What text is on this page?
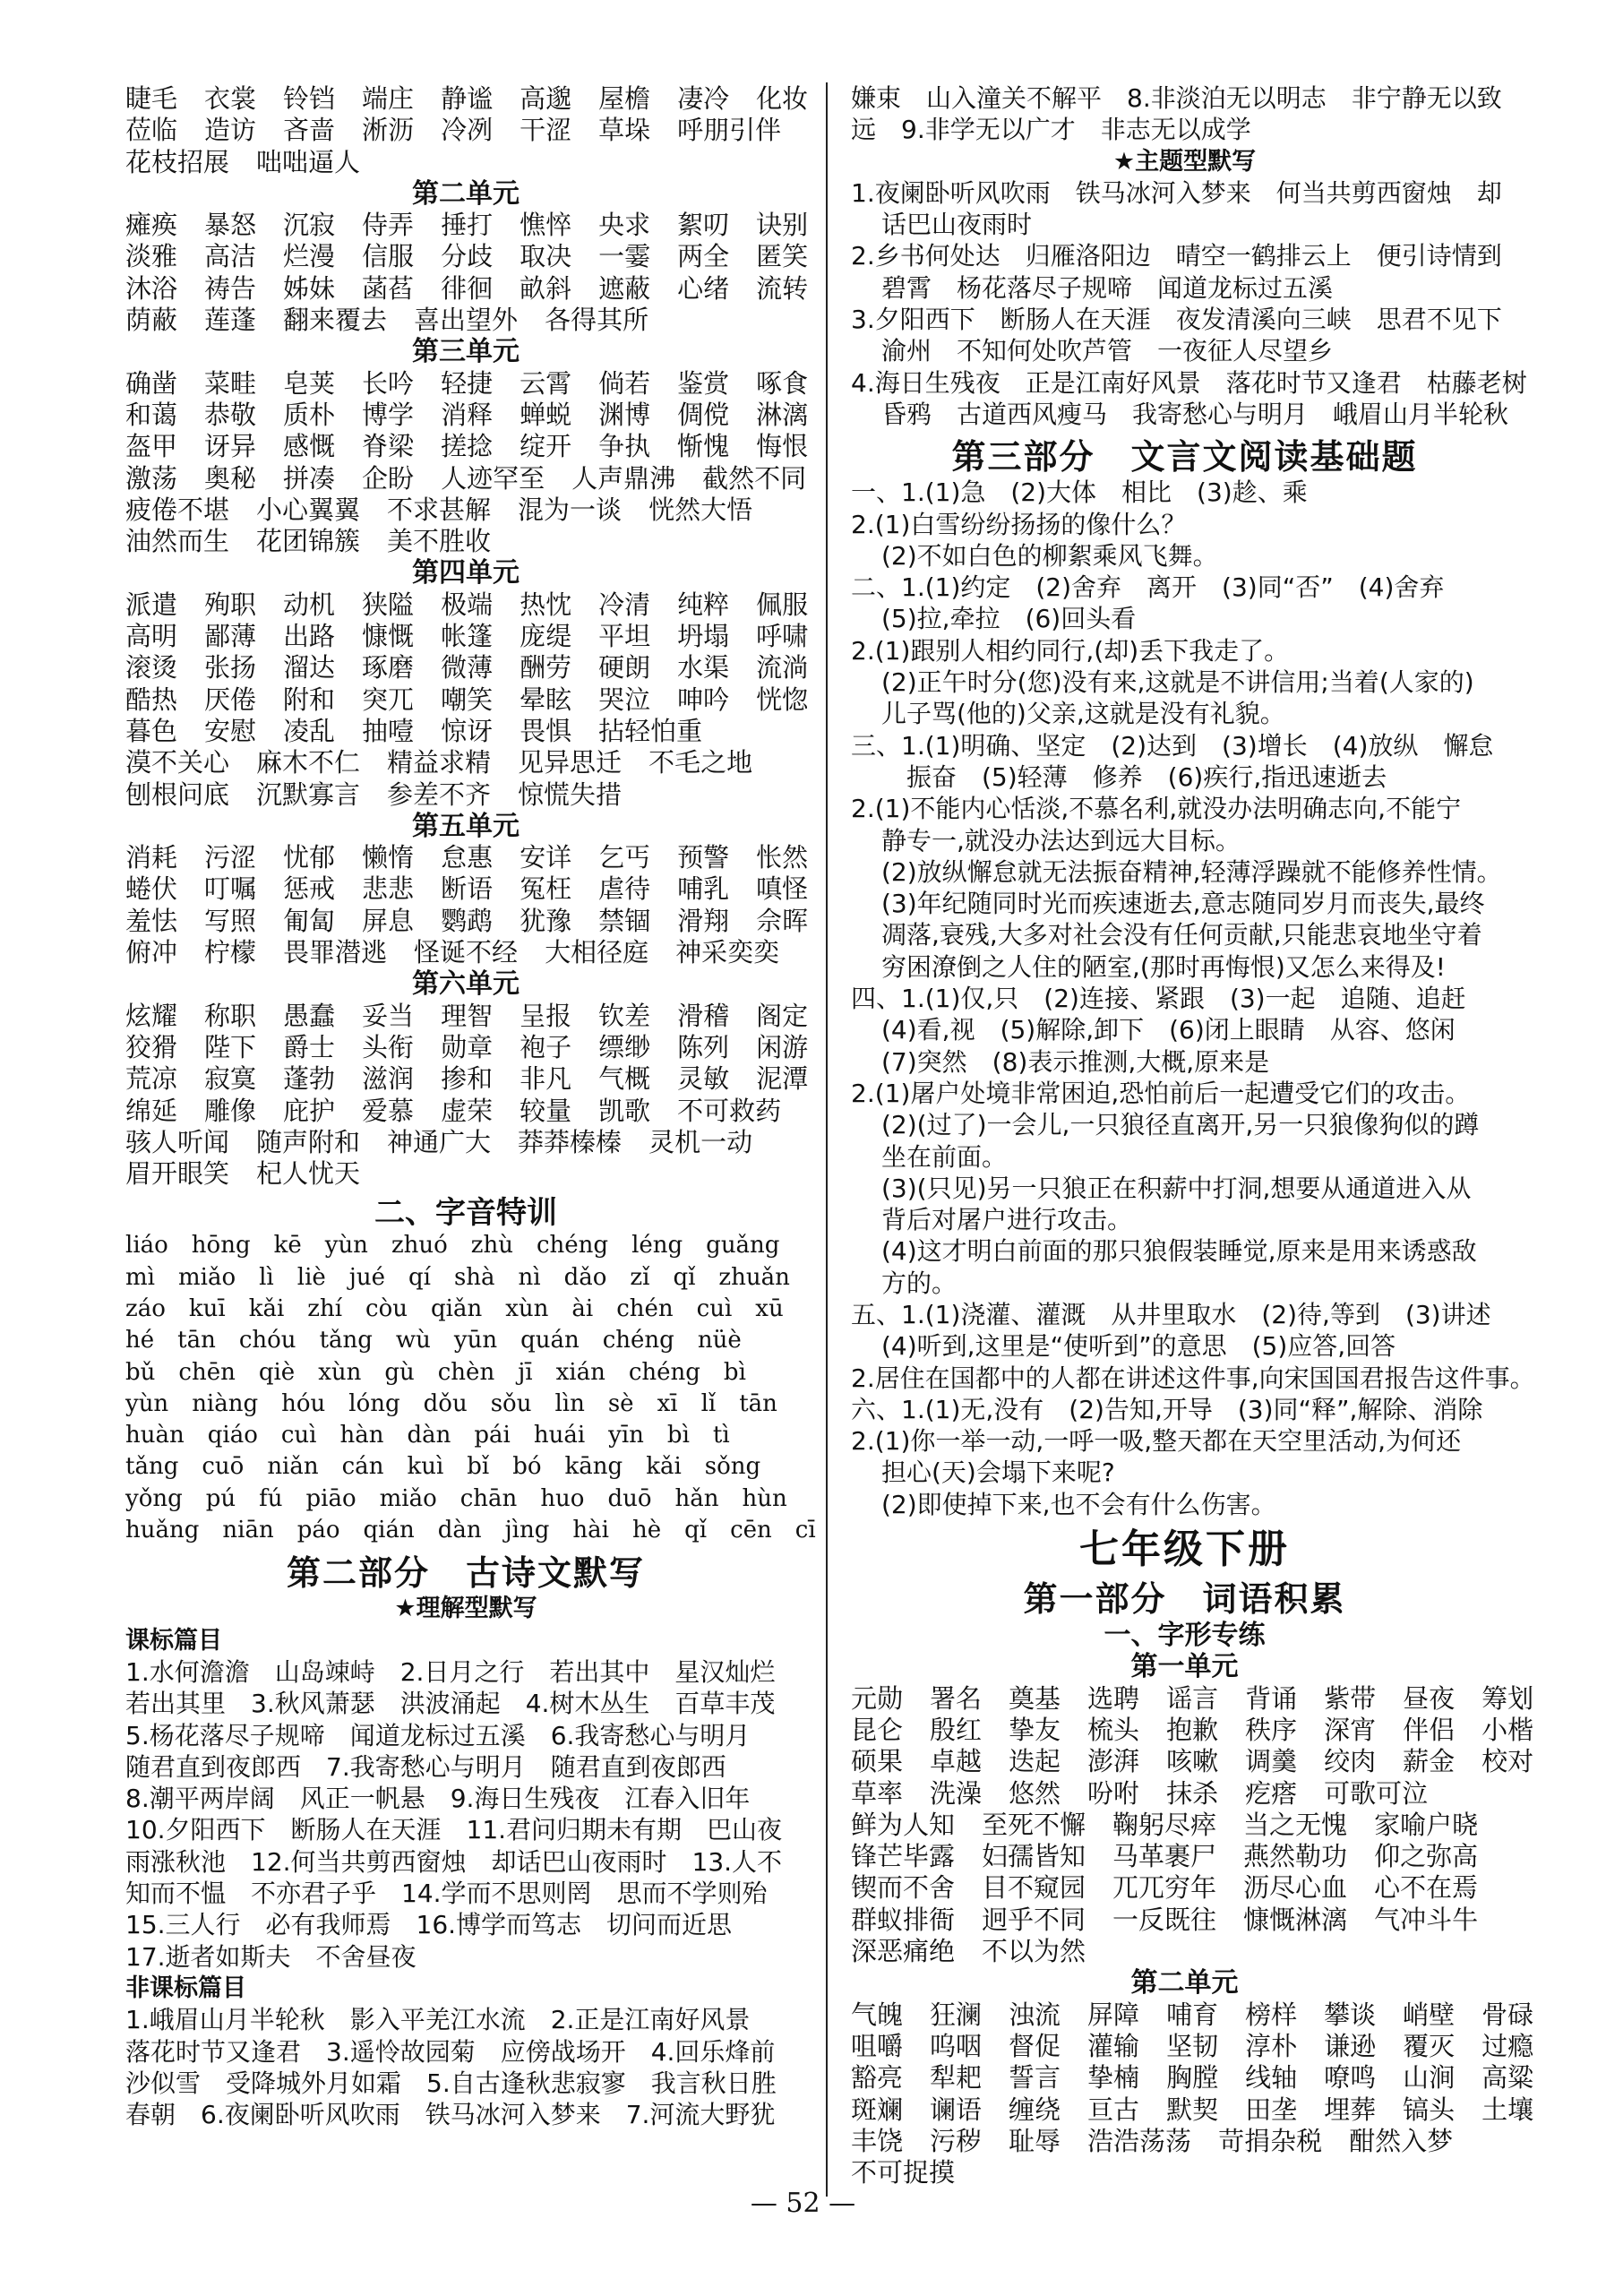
睫毛 衣裳 铃铛 端庄 静谧 高邈 屋檐 凄冷 化妆
莅临 造访 吝啬 淅沥 冷冽 干涩 草垛 呼朋引伴
花枝招展 咄咄逼人
第二单元
瘫痪 暴怒 沉寂 侍弄 捶打 憔悴 央求 絮叨 诀别
淡雅 高洁 烂漫 信服 分歧 取决 一霎 两全 匿笑
沐浴 祷告 姊妹 菡萏 徘徊 畝斜 遮蔽 心绪 流转
荫蔽 莲蓬 翻来覆去 喜出望外 各得其所
第三单元
确凿 菜畦 皂荚 长吟 轻捷 云霄 倘若 鉴赏 啄食
和蔼 恭敬 质朴 博学 消释 蝉蜕 渊博 倜傥 淋漓
盔甲 讶异 感慨 脊梁 搓捻 绽开 争执 惭愧 悔恨
激荡 奥秘 拼凑 企盼 人迹罕至 人声鼎沸 截然不同
疲倦不堪 小心翼翼 不求甚解 混为一谈 恍然大悟
油然而生 花团锦簇 美不胜收
第四单元
派遣 殉职 动机 狭隘 极端 热忱 冷清 纯粹 佩服
高明 鄙薄 出路 慷慨 帐篷 庞缇 平坦 坍塌 呼啸
滚烫 张扬 溜达 琢磨 微薄 酬劳 硬朗 水渠 流淌
酷热 厌倦 附和 突兀 嘲笑 晕眩 哭泣 呻吟 恍惚
暮色 安慰 凌乱 抽噎 惊讶 畏惧 拈轻怕重
漠不关心 麻木不仁 精益求精 见异思迁 不毛之地
刨根问底 沉默寡言 参差不齐 惊慌失措
第五单元
消耗 污涩 忧郁 懒惰 怠惠 安详 乞丐 预警 怅然
蜷伏 叮嘱 惩戒 悲悲 断语 冤枉 虐待 哺乳 嗔怪
羞怯 写照 匍匐 屏息 鹦鹉 犹豫 禁锢 滑翔 佘晖
俯冲 柠檬 畏罪潜逃 怪诞不经 大相径庭 神采奕奕
第六单元
炫耀 称职 愚蠢 妥当 理智 呈报 钦差 滑稽 阁定
狡猾 陛下 爵士 头衔 勋章 袍子 缥缈 陈列 闲游
荒凉 寂寞 蓬勃 滋润 掺和 非凡 气概 灵敏 泥潭
绵延 雕像 庇护 爱慕 虚荣 较量 凯歌 不可救药
骇人听闻 随声附和 神通广大 莽莽榛榛 灵机一动
眉开眼笑 杞人忧天
二、字音特训
liáo hōng kē yùn zhuó zhù chéng léng guǎng
mì miǎo lì liè jué qí shà nì dǎo zǐ qǐ zhuǎn
záo kuī kǎi zhí còu qiǎn xùn ài chén cuì xū
hé tān chóu tǎng wù yūn quán chéng nüè
bǔ chēn qiè xùn gù chèn jī xián chéng bì
yùn niàng hóu lóng dǒu sǒu lìn sè xī lǐ tān
huàn qiáo cuì hàn dàn pái huái yīn bì tì
tǎng cuō niǎn cán kuì bǐ bó kāng kǎi sǒng
yǒng pú fú piāo miǎo chān huo duō hǎn hùn
huǎng niān páo qián dàn jìng hài hè qǐ cēn cī
第二部分 古诗文默写
★理解型默写
课标篇目
1.水何澹澹　山岛竦峙　2.日月之行　若出其中　星汉灿烂
若出其里　3.秋风萧瑟　洪波涌起　4.树木丛生　百草丰茂
5.杨花落尽子规啼　闻道龙标过五溪　6.我寄愁心与明月
随君直到夜郎西　7.我寄愁心与明月　随君直到夜郎西
8.潮平两岸阔　风正一帆悬　9.海日生残夜　江春入旧年
10.夕阳西下　断肠人在天涯　11.君问归期未有期　巴山夜
雨涨秋池　12.何当共剪西窗烛　却话巴山夜雨时　13.人不
知而不愠　不亦君子乎　14.学而不思则罔　思而不学则殆
15.三人行　必有我师焉　16.博学而笃志　切问而近思
17.逝者如斯夫　不舍昼夜
非课标篇目
1.峨眉山月半轮秋　影入平羌江水流　2.正是江南好风景
落花时节又逢君　3.遥怜故园菊　应傍战场开　4.回乐烽前
沙似雪　受降城外月如霜　5.自古逢秋悲寂寥　我言秋日胜
春朝　6.夜阑卧听风吹雨　铁马冰河入梦来　7.河流大野犹
嫌束　山入潼关不解平　8.非淡泊无以明志　非宁静无以致
远　9.非学无以广才　非志无以成学
★主题型默写
1.夜阑卧听风吹雨　铁马冰河入梦来　何当共剪西窗烛　却
话巴山夜雨时
2.乡书何处达　归雁洛阳边　晴空一鹤排云上　便引诗情到
碧霄　杨花落尽子规啼　闻道龙标过五溪
3.夕阳西下　断肠人在天涯　夜发清溪向三峡　思君不见下
渝州　不知何处吹芦管　一夜征人尽望乡
4.海日生残夜　正是江南好风景　落花时节又逢君　枯藤老树
昏鸦　古道西风瘦马　我寄愁心与明月　峨眉山月半轮秋
第三部分 文言文阅读基础题
一、1.(1)急　(2)大体　相比　(3)趁、乘
2.(1)白雪纷纷扬扬的像什么？
(2)不如白色的柳絮乘风飞舞。
二、1.(1)约定　(2)舍弃　离开　(3)同“否”　(4)舍弃
(5)拉,牵拉　(6)回头看
2.(1)跟别人相约同行,(却)丢下我走了。
(2)正午时分(您)没有来,这就是不讲信用;当着(人家的)
儿子骂(他的)父亲,这就是没有礼貌。
三、1.(1)明确、坚定　(2)达到　(3)增长　(4)放纵　懈怠
振奋　(5)轻薄　修养　(6)疾行,指迅速逝去
2.(1)不能内心恬淡,不慕名利,就没办法明确志向,不能宁
静专一,就没办法达到远大目标。
(2)放纵懈怠就无法振奋精神,轻薄浮躁就不能修养性情。
(3)年纪随同时光而疾速逝去,意志随同岁月而丧失,最终
凋落,衰残,大多对社会没有任何贡献,只能悲哀地坐守着
穷困潦倒之人住的陋室,(那时再悔恨)又怎么来得及!
四、1.(1)仅,只　(2)连接、紧跟　(3)一起　追随、追赶
(4)看,视　(5)解除,卸下　(6)闭上眼睛　从容、悠闲
(7)突然　(8)表示推测,大概,原来是
2.(1)屠户处境非常困迫,恐怕前后一起遭受它们的攻击。
(2)(过了)一会儿,一只狼径直离开,另一只狼像狗似的蹲
坐在前面。
(3)(只见)另一只狼正在积薪中打洞,想要从通道进入从
背后对屠户进行攻击。
(4)这才明白前面的那只狼假装睡觉,原来是用来诱惑敌
方的。
五、1.(1)浇灌、灌溉　从井里取水　(2)待,等到　(3)讲述
(4)听到,这里是“使听到”的意思　(5)应答,回答
2.居住在国都中的人都在讲述这件事,向宋国国君报告这件事。
六、1.(1)无,没有　(2)告知,开导　(3)同“释”,解除、消除
2.(1)你一举一动,一呼一吸,整天都在天空里活动,为何还
担心(天)会塌下来呢?
(2)即使掉下来,也不会有什么伤害。
七年级下册
第一部分 词语积累
一、字形专练
第一单元
元勋 署名 奠基 选聘 谣言 背诵 紫带 昼夜 筹划
昆仑 殷红 挚友 梳头 抱歉 秩序 深宵 伴侣 小楷
硕果 卓越 迭起 澎湃 咳嗽 调羹 绞肉 薪金 校对
草率 洗澡 悠然 吩咐 抹杀 疙瘩 可歌可泣
鲜为人知 至死不懈 鞠躬尽瘁 当之无愧 家喻户晓
锋芒毕露 妇孺皆知 马革裹尸 燕然勒功 仰之弥高
锲而不舍 目不窥园 兀兀穷年 沥尽心血 心不在焉
群蚁排衙 迥乎不同 一反既往 慷慨淋漓 气冲斗牛
深恶痛绝 不以为然
第二单元
气魄 狂澜 浊流 屏障 哺育 榜样 攀谈 峭壁 骨碌
咀嚼 呜咽 督促 灌输 坚韧 淳朴 谦逊 覆灭 过瘾
豁亮 犁耙 誓言 挚楠 胸膛 线轴 嘹鸣 山涧 高粱
斑斓 谰语 缠绕 亘古 默契 田垄 埋葬 镐头 土壤
丰饶 污秽 耻辱 浩浩荡荡 苛捐杂税 酣然入梦
不可捉摸
— 52 —
